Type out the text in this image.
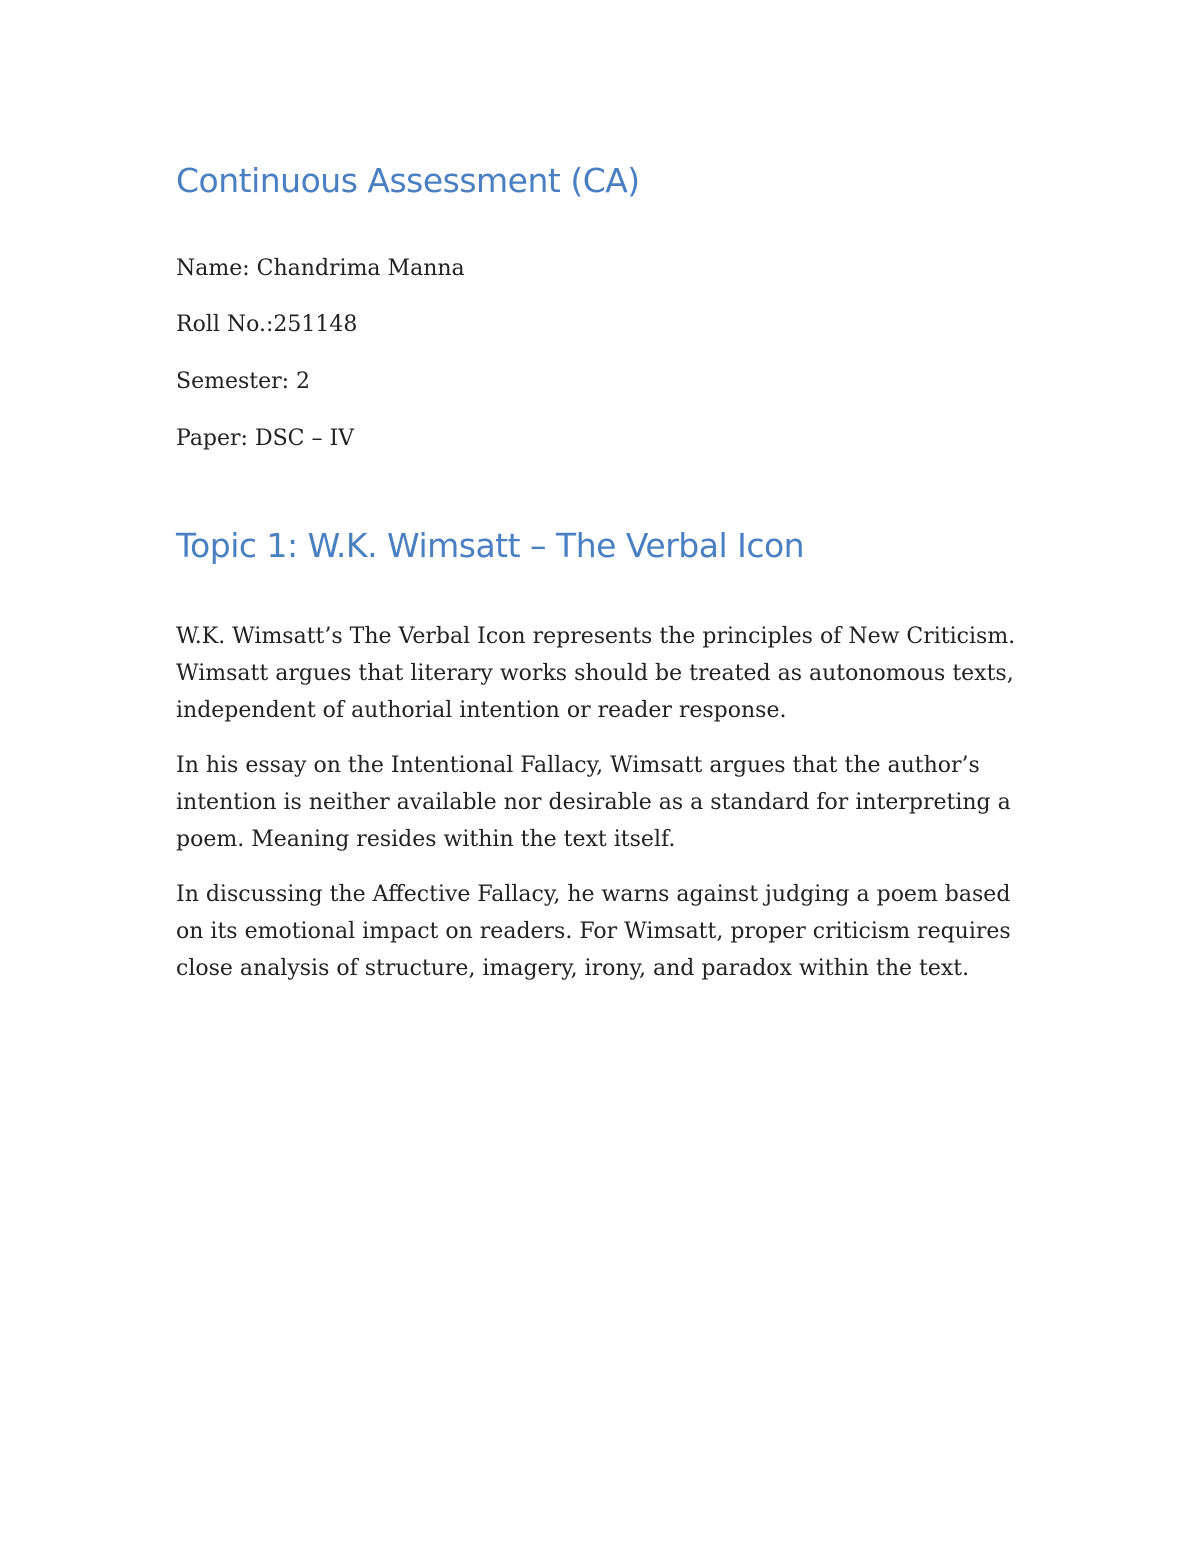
Continuous Assessment (CA)

Name: Chandrima Manna

Roll No.:251148

Semester: 2

Paper: DSC – IV

Topic 1: W.K. Wimsatt – The Verbal Icon

W.K. Wimsatt’s The Verbal Icon represents the principles of New Criticism. Wimsatt argues that literary works should be treated as autonomous texts, independent of authorial intention or reader response.

In his essay on the Intentional Fallacy, Wimsatt argues that the author’s intention is neither available nor desirable as a standard for interpreting a poem. Meaning resides within the text itself.

In discussing the Affective Fallacy, he warns against judging a poem based on its emotional impact on readers. For Wimsatt, proper criticism requires close analysis of structure, imagery, irony, and paradox within the text.
